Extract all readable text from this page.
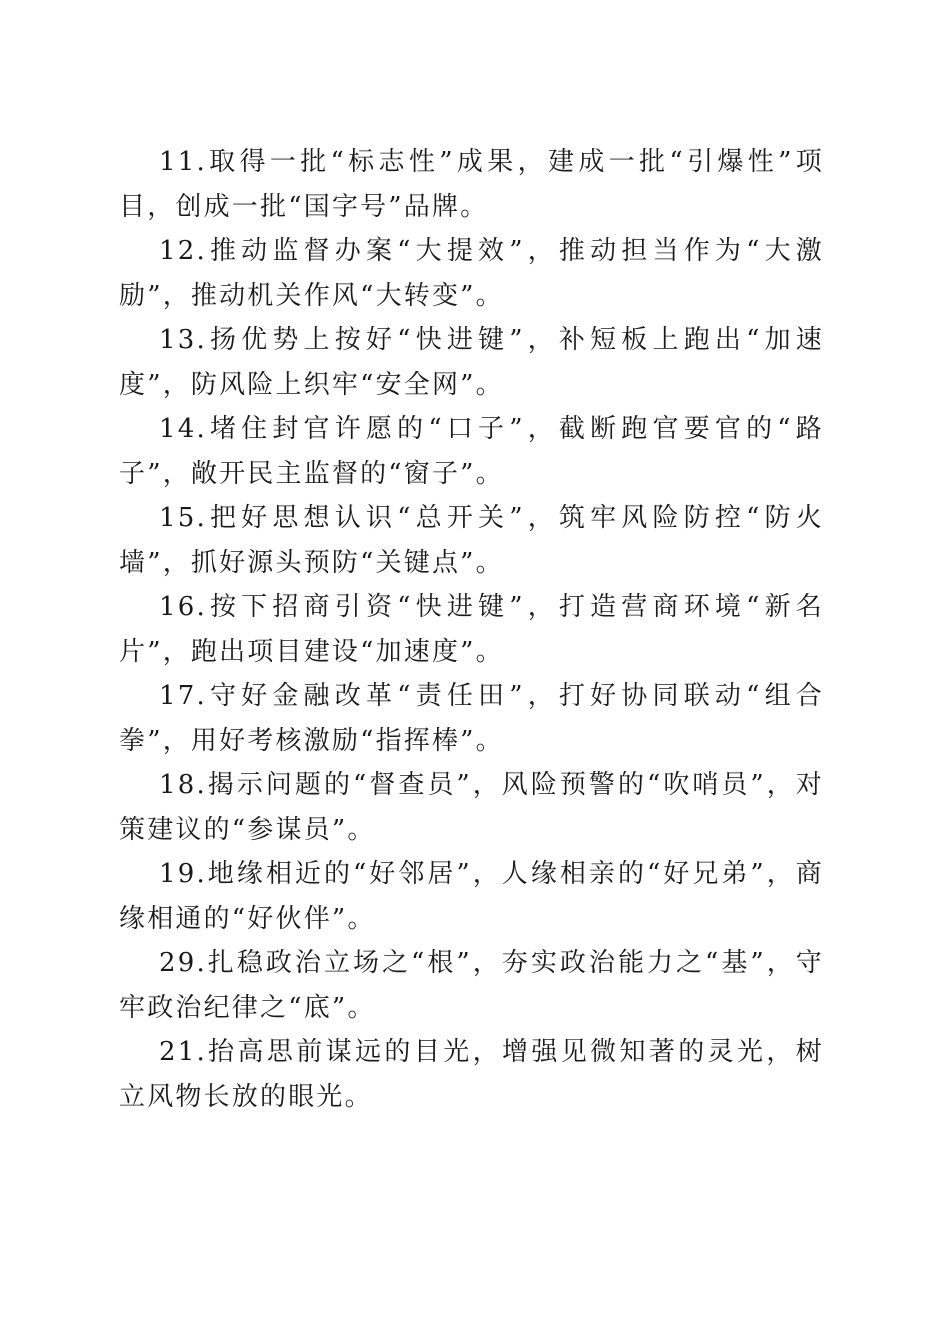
11.取得一批“标志性”成果，建成一批“引爆性”项目，创成一批“国字号”品牌。

12.推动监督办案“大提效”，推动担当作为“大激励”，推动机关作风“大转变”。

13.扬优势上按好“快进键”，补短板上跑出“加速度”，防风险上织牢“安全网”。

14.堵住封官许愿的“口子”，截断跑官要官的“路子”，敞开民主监督的“窗子”。

15.把好思想认识“总开关”，筑牢风险防控“防火墙”，抓好源头预防“关键点”。

16.按下招商引资“快进键”，打造营商环境“新名片”，跑出项目建设“加速度”。

17.守好金融改革“责任田”，打好协同联动“组合拳”，用好考核激励“指挥棒”。

18.揭示问题的“督查员”，风险预警的“吹哨员”，对策建议的“参谋员”。

19.地缘相近的“好邻居”，人缘相亲的“好兄弟”，商缘相通的“好伙伴”。

29.扎稳政治立场之“根”，夯实政治能力之“基”，守牢政治纪律之“底”。

21.抬高思前谋远的目光，增强见微知著的灵光，树立风物长放的眼光。
